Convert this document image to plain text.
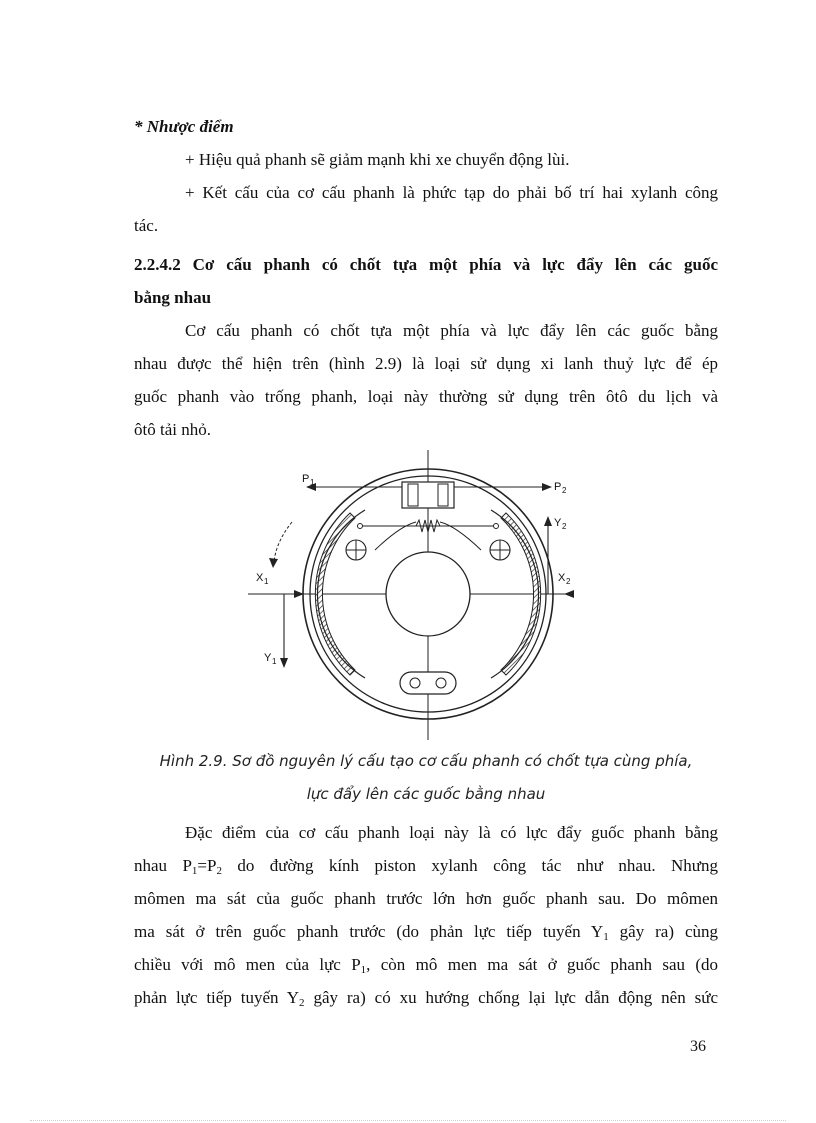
* Nhược điểm

+ Hiệu quả phanh sẽ giảm mạnh khi xe chuyển động lùi.

+ Kết cấu của cơ cấu phanh là phức tạp do phải bố trí hai xylanh công

tác.

2.2.4.2 Cơ cấu phanh có chốt tựa một phía và lực đẩy lên các guốc

bằng nhau

Cơ cấu phanh có chốt tựa một phía và lực đẩy lên các guốc bằng

nhau được thể hiện trên (hình 2.9) là loại sử dụng xi lanh thuỷ lực để ép

guốc phanh vào trống phanh, loại này thường sử dụng trên ôtô du lịch và

ôtô tải nhỏ.

P 1	P 2
X 1	X 2
Y 1
Y 2

Hình 2.9. Sơ đồ nguyên lý cấu tạo cơ cấu phanh có chốt tựa cùng phía,

lực đẩy lên các guốc bằng nhau

Đặc điểm của cơ cấu phanh loại này là có lực đẩy guốc phanh bằng

nhau $P_1=P_2$ do đường kính piston xylanh công tác như nhau. Nhưng

mômen ma sát của guốc phanh trước lớn hơn guốc phanh sau. Do mômen

ma sát ở trên guốc phanh trước (do phản lực tiếp tuyến $Y_1$ gây ra) cùng

chiều với mô men của lực $P_1$, còn mô men ma sát ở guốc phanh sau (do

phản lực tiếp tuyến $Y_2$ gây ra) có xu hướng chống lại lực dẫn động nên sức

36
